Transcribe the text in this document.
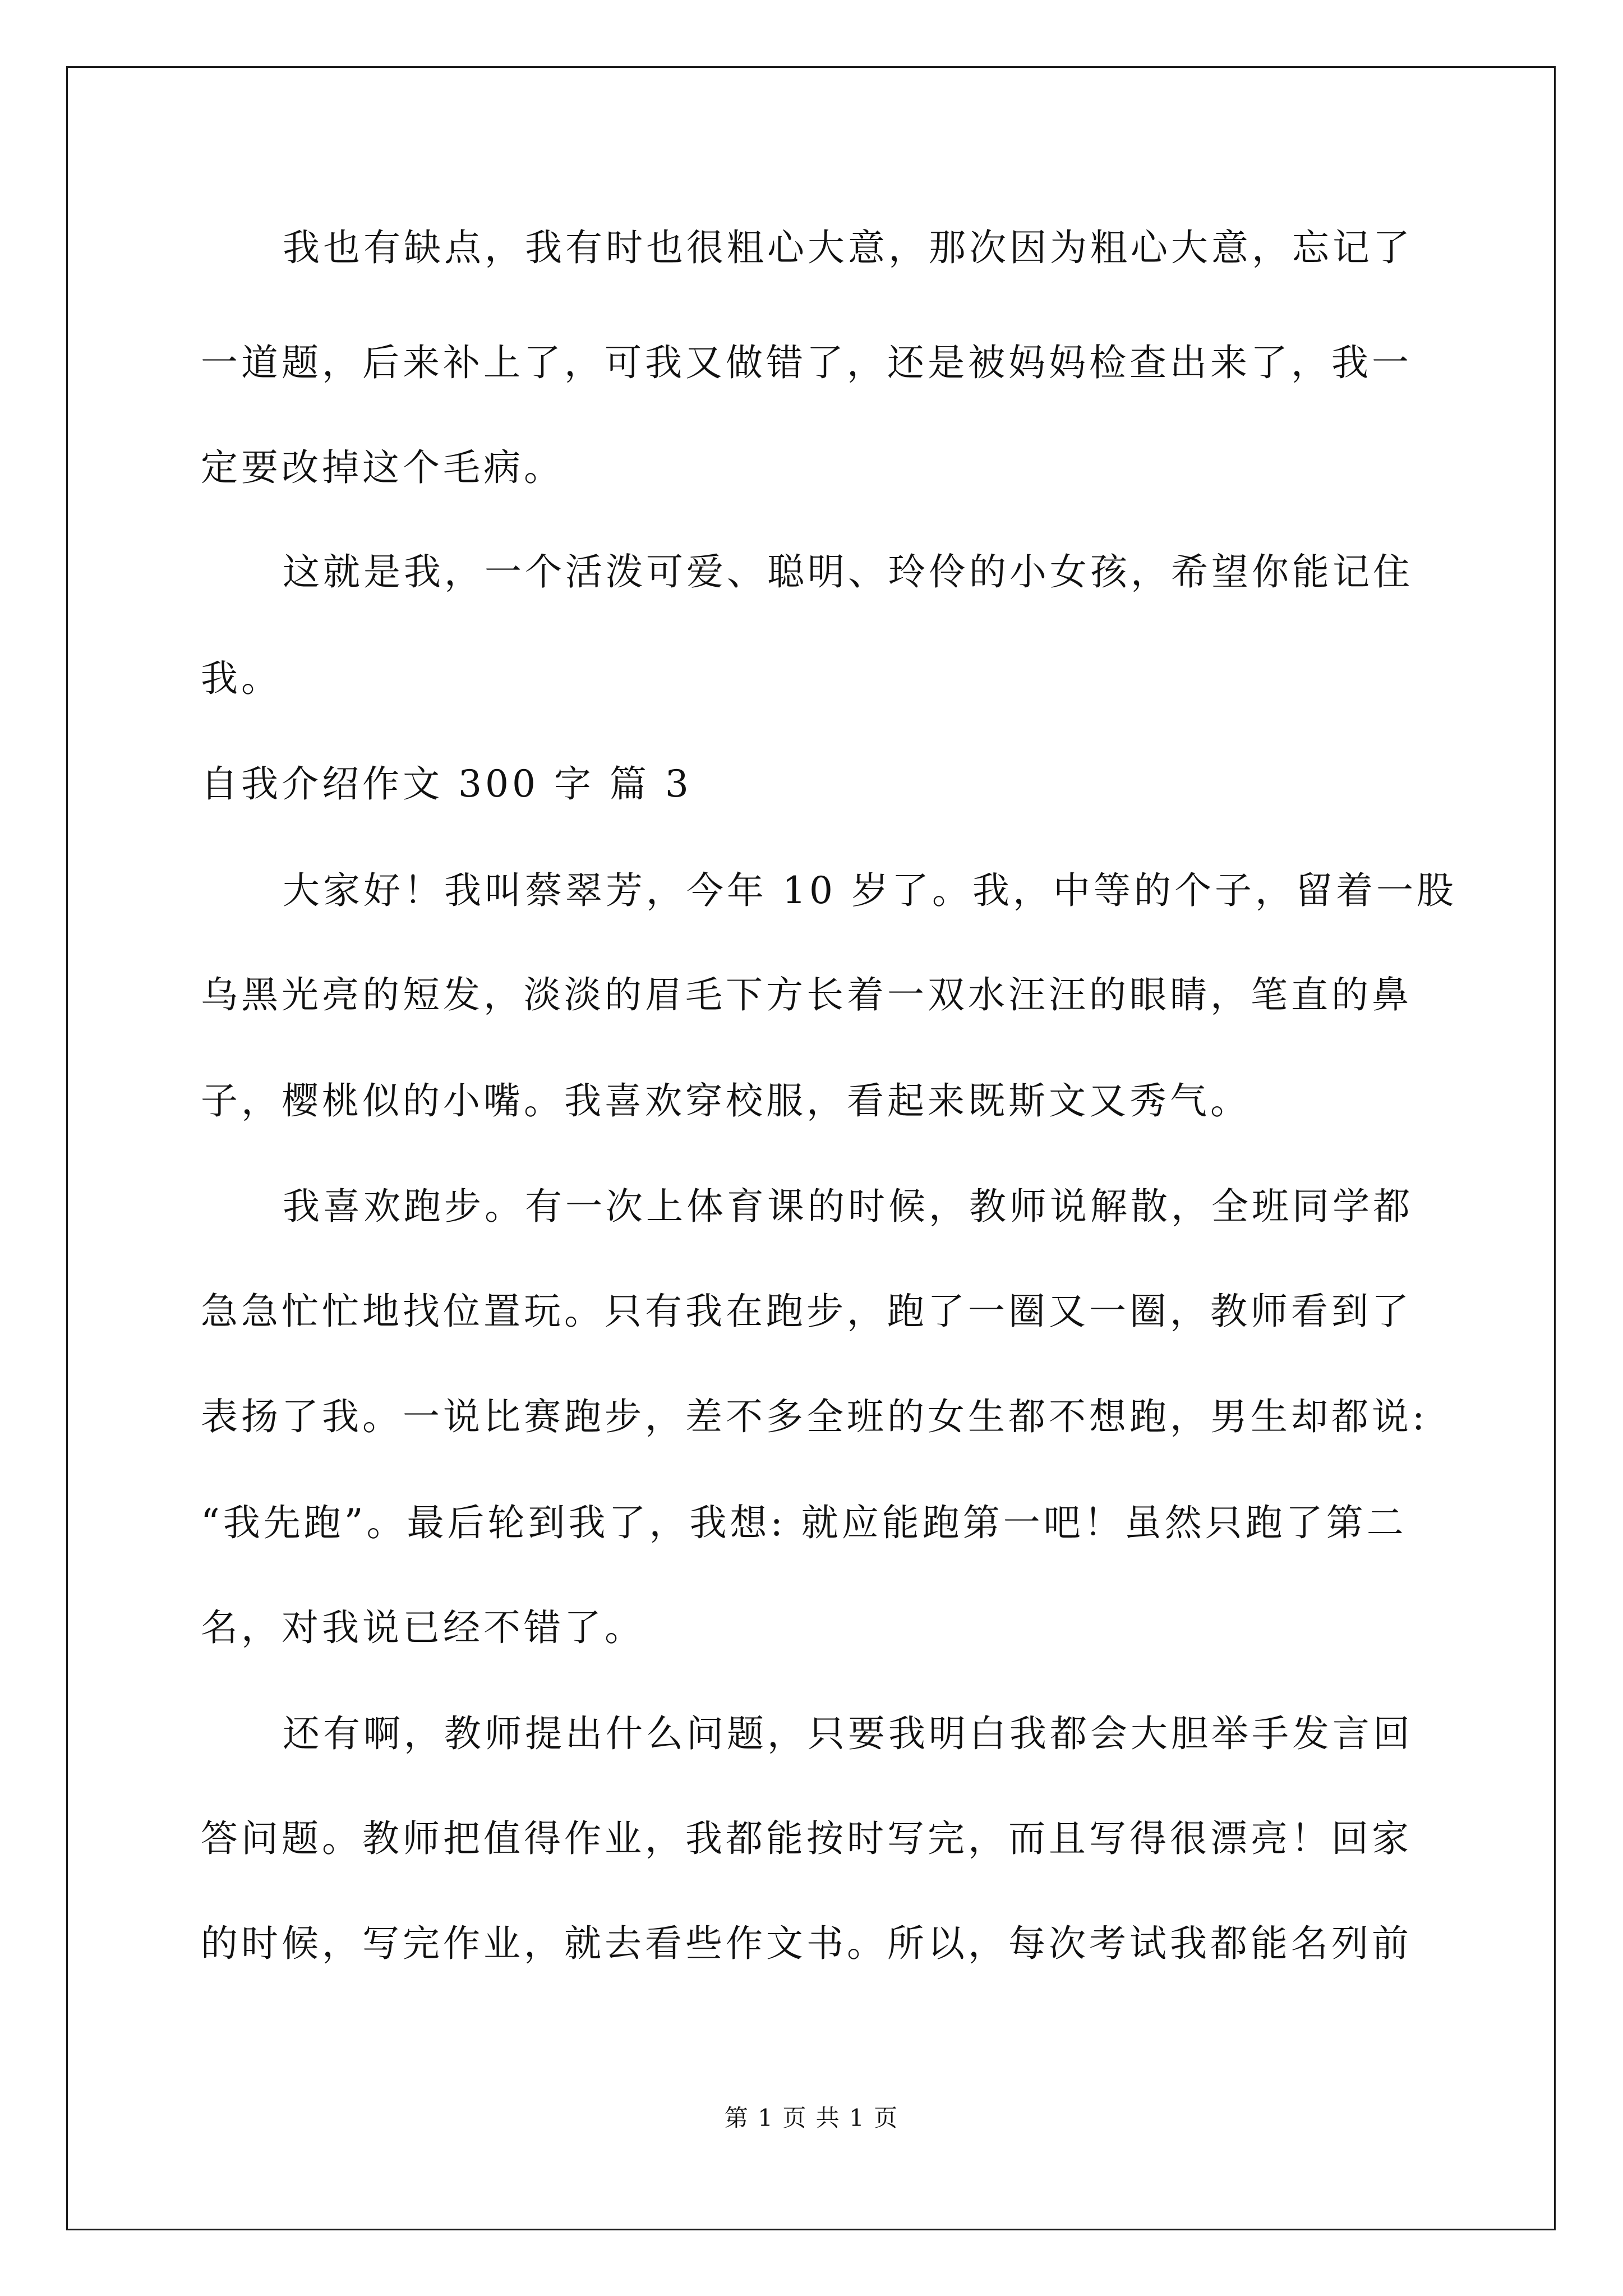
我也有缺点，我有时也很粗心大意，那次因为粗心大意，忘记了
一道题，后来补上了，可我又做错了，还是被妈妈检查出来了，我一
定要改掉这个毛病。
这就是我，一个活泼可爱、聪明、玲伶的小女孩，希望你能记住
我。
自我介绍作文 300 字 篇 3
大家好！我叫蔡翠芳，今年 10 岁了。我，中等的个子，留着一股
乌黑光亮的短发，淡淡的眉毛下方长着一双水汪汪的眼睛，笔直的鼻
子，樱桃似的小嘴。我喜欢穿校服，看起来既斯文又秀气。
我喜欢跑步。有一次上体育课的时候，教师说解散，全班同学都
急急忙忙地找位置玩。只有我在跑步，跑了一圈又一圈，教师看到了
表扬了我。一说比赛跑步，差不多全班的女生都不想跑，男生却都说:
“我先跑”。最后轮到我了，我想: 就应能跑第一吧！虽然只跑了第二
名，对我说已经不错了。
还有啊，教师提出什么问题，只要我明白我都会大胆举手发言回
答问题。教师把值得作业，我都能按时写完，而且写得很漂亮！回家
的时候，写完作业，就去看些作文书。所以，每次考试我都能名列前
第 1 页 共 1 页
